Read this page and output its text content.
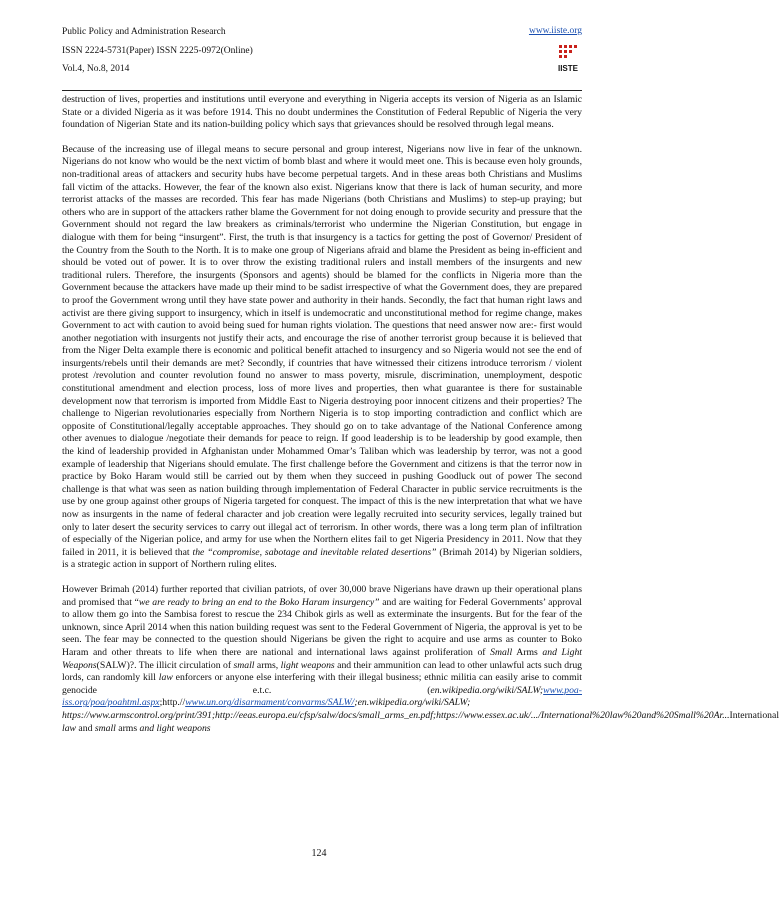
Public Policy and Administration Research
ISSN 2224-5731(Paper) ISSN 2225-0972(Online)
Vol.4, No.8, 2014
www.iiste.org
IISTE

destruction of lives, properties and institutions until everyone and everything in Nigeria accepts its version of Nigeria as an Islamic State or a divided Nigeria as it was before 1914. This no doubt undermines the Constitution of Federal Republic of Nigeria the very foundation of Nigerian State and its nation-building policy which says that grievances should be resolved through legal means.

Because of the increasing use of illegal means to secure personal and group interest, Nigerians now live in fear of the unknown. Nigerians do not know who would be the next victim of bomb blast and where it would meet one. This is because even holy grounds, non-traditional areas of attackers and security hubs have become perpetual targets. And in these areas both Christians and Muslims fall victim of the attacks. However, the fear of the known also exist. Nigerians know that there is lack of human security, and more terrorist attacks of the masses are recorded. This fear has made Nigerians (both Christians and Muslims) to step-up praying; but others who are in support of the attackers rather blame the Government for not doing enough to provide security and pressure that the Government should not regard the law breakers as criminals/terrorist who undermine the Nigerian Constitution, but engage in dialogue with them for being “insurgent”. First, the truth is that insurgency is a tactics for getting the post of Governor/ President of the Country from the South to the North. It is to make one group of Nigerians afraid and blame the President as being in-efficient and should be voted out of power. It is to over throw the existing traditional rulers and install members of the insurgents and new traditional rulers. Therefore, the insurgents (Sponsors and agents) should be blamed for the conflicts in Nigeria more than the Government because the attackers have made up their mind to be sadist irrespective of what the Government does, they are prepared to proof the Government wrong until they have state power and authority in their hands. Secondly, the fact that human right laws and activist are there giving support to insurgency, which in itself is undemocratic and unconstitutional method for regime change, makes Government to act with caution to avoid being sued for human rights violation. The questions that need answer now are:- first would another negotiation with insurgents not justify their acts, and encourage the rise of another terrorist group because it is believed that from the Niger Delta example there is economic and political benefit attached to insurgency and so Nigeria would not see the end of insurgents/rebels until their demands are met? Secondly, if countries that have witnessed their citizens introduce terrorism / violent protest /revolution and counter revolution found no answer to mass poverty, misrule, discrimination, unemployment, despotic constitutional amendment and election process, loss of more lives and properties, then what guarantee is there for sustainable development now that terrorism is imported from Middle East to Nigeria destroying poor innocent citizens and their properties? The challenge to Nigerian revolutionaries especially from Northern Nigeria is to stop importing contradiction and conflict which are opposite of Constitutional/legally acceptable approaches. They should go on to take advantage of the National Conference among other avenues to dialogue /negotiate their demands for peace to reign. If good leadership is to be leadership by good example, then the kind of leadership provided in Afghanistan under Mohammed Omar’s Taliban which was leadership by terror, was not a good example of leadership that Nigerians should emulate. The first challenge before the Government and citizens is that the terror now in practice by Boko Haram would still be carried out by them when they succeed in pushing Goodluck out of power The second challenge is that what was seen as nation building through implementation of Federal Character in public service recruitments is the use by one group against other groups of Nigeria targeted for conquest. The impact of this is the new interpretation that what we have now as insurgents in the name of federal character and job creation were legally recruited into security services, legally trained but only to later desert the security services to carry out illegal act of terrorism. In other words, there was a long term plan of infiltration of especially of the Nigerian police, and army for use when the Northern elites fail to get Nigeria Presidency in 2011. Now that they failed in 2011, it is believed that the “compromise, sabotage and inevitable related desertions” (Brimah 2014) by Nigerian soldiers, is a strategic action in support of Northern ruling elites.

However Brimah (2014) further reported that civilian patriots, of over 30,000 brave Nigerians have drawn up their operational plans and promised that “we are ready to bring an end to the Boko Haram insurgency” and are waiting for Federal Governments’ approval to allow them go into the Sambisa forest to rescue the 234 Chibok girls as well as exterminate the insurgents. But for the fear of the unknown, since April 2014 when this nation building request was sent to the Federal Government of Nigeria, the approval is yet to be seen. The fear may be connected to the question should Nigerians be given the right to acquire and use arms as counter to Boko Haram and other threats to life when there are national and international laws against proliferation of Small Arms and Light Weapons(SALW)?. The illicit circulation of small arms, light weapons and their ammunition can lead to other unlawful acts such drug lords, can randomly kill law enforcers or anyone else interfering with their illegal business; ethnic militia can easily arise to commit genocide e.t.c. (en.wikipedia.org/wiki/SALW;www.poa-iss.org/poa/poahtml.aspx;http.//www.un.org/disarmament/convarms/SALW/;en.wikipedia.org/wiki/SALW; https://www.armscontrol.org/print/391;http://eeas.europa.eu/cfsp/salw/docs/small_arms_en.pdf;https://www.essex.ac.uk/.../International%20law%20and%20Small%20Ar...International law and small arms and light weapons

124
